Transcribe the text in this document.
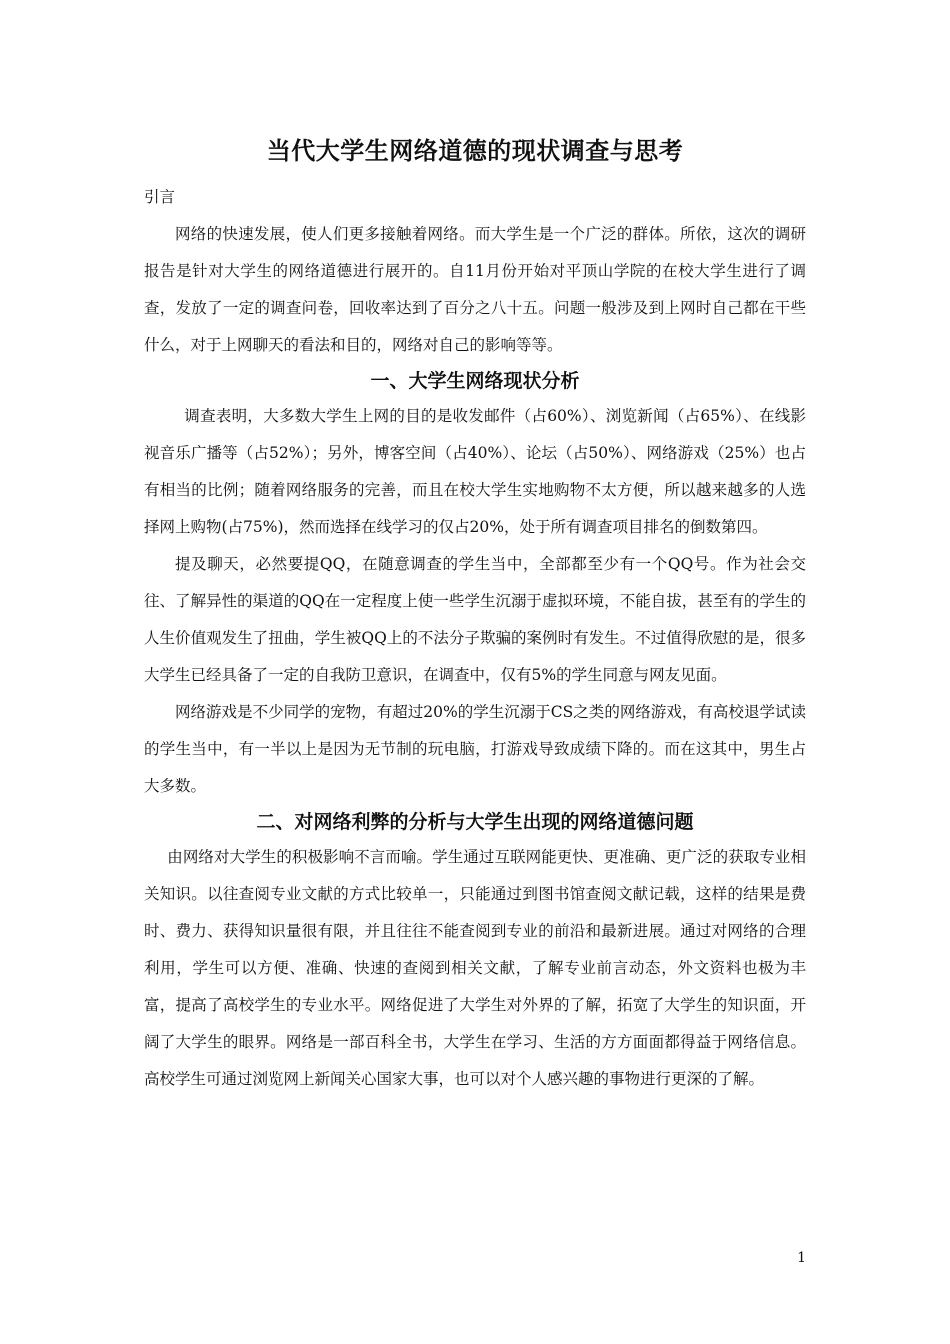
当代大学生网络道德的现状调查与思考

引言

网络的快速发展，使人们更多接触着网络。而大学生是一个广泛的群体。所依，这次的调研报告是针对大学生的网络道德进行展开的。自11月份开始对平顶山学院的在校大学生进行了调查，发放了一定的调查问卷，回收率达到了百分之八十五。问题一般涉及到上网时自己都在干些什么，对于上网聊天的看法和目的，网络对自己的影响等等。

一、大学生网络现状分析

调查表明，大多数大学生上网的目的是收发邮件（占60%）、浏览新闻（占65%）、在线影视音乐广播等（占52%）；另外，博客空间（占40%）、论坛（占50%）、网络游戏（25%）也占有相当的比例；随着网络服务的完善，而且在校大学生实地购物不太方便，所以越来越多的人选择网上购物(占75%)，然而选择在线学习的仅占20%，处于所有调查项目排名的倒数第四。

提及聊天，必然要提QQ，在随意调查的学生当中，全部都至少有一个QQ号。作为社会交往、了解异性的渠道的QQ在一定程度上使一些学生沉溺于虚拟环境，不能自拔，甚至有的学生的人生价值观发生了扭曲，学生被QQ上的不法分子欺骗的案例时有发生。不过值得欣慰的是，很多大学生已经具备了一定的自我防卫意识，在调查中，仅有5%的学生同意与网友见面。

网络游戏是不少同学的宠物，有超过20%的学生沉溺于CS之类的网络游戏，有高校退学试读的学生当中，有一半以上是因为无节制的玩电脑，打游戏导致成绩下降的。而在这其中，男生占大多数。

二、对网络利弊的分析与大学生出现的网络道德问题

由网络对大学生的积极影响不言而喻。学生通过互联网能更快、更准确、更广泛的获取专业相关知识。以往查阅专业文献的方式比较单一，只能通过到图书馆查阅文献记载，这样的结果是费时、费力、获得知识量很有限，并且往往不能查阅到专业的前沿和最新进展。通过对网络的合理利用，学生可以方便、准确、快速的查阅到相关文献，了解专业前言动态，外文资料也极为丰富，提高了高校学生的专业水平。网络促进了大学生对外界的了解，拓宽了大学生的知识面，开阔了大学生的眼界。网络是一部百科全书，大学生在学习、生活的方方面面都得益于网络信息。高校学生可通过浏览网上新闻关心国家大事，也可以对个人感兴趣的事物进行更深的了解。

1
